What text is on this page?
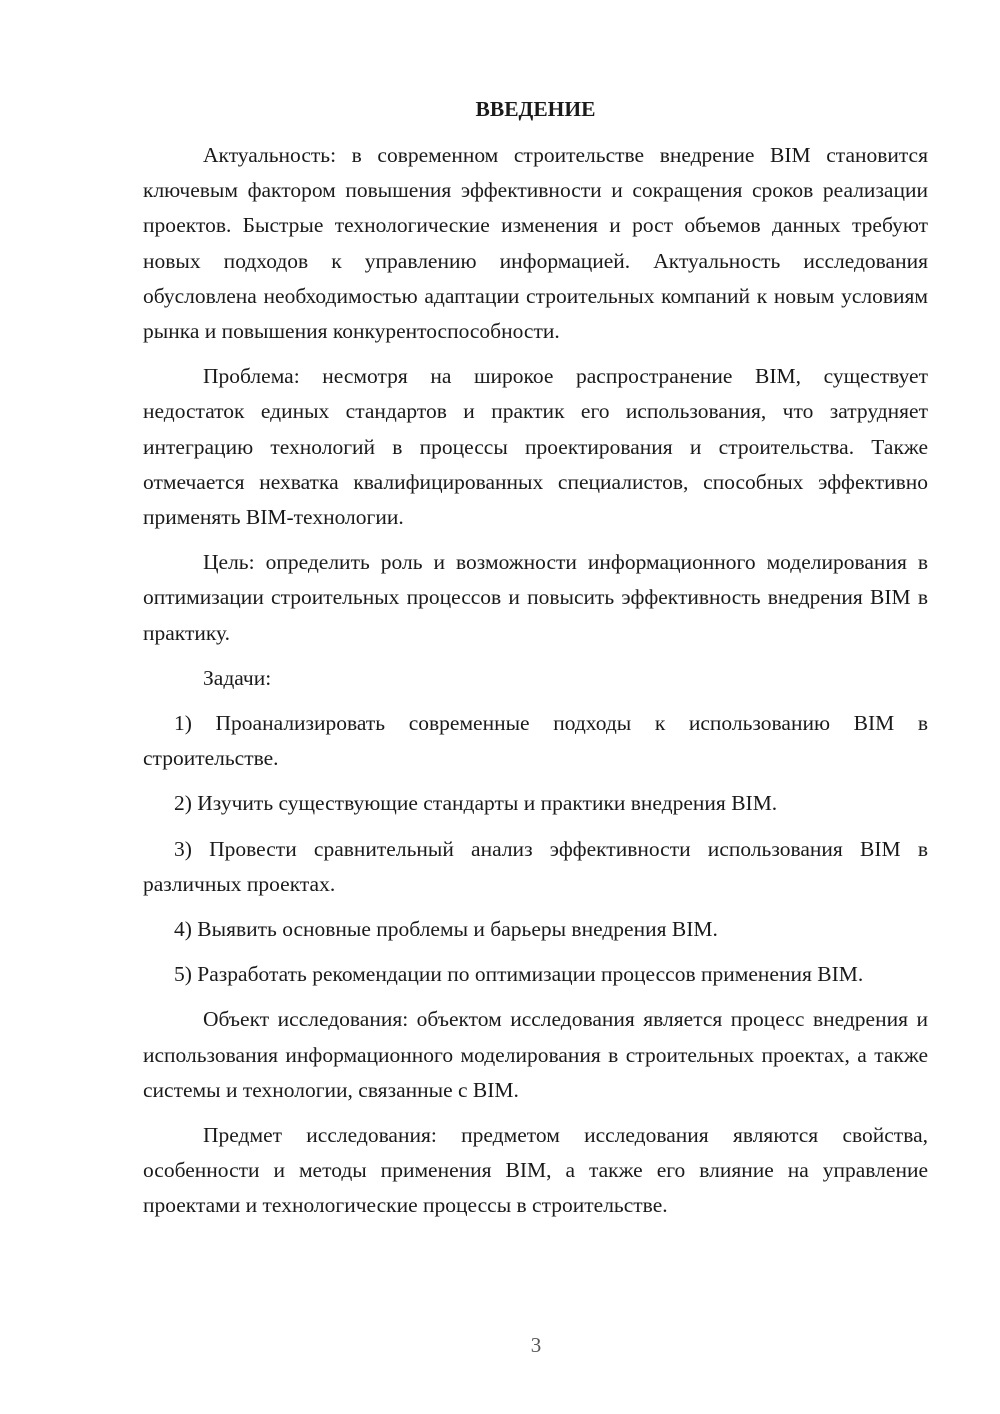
ВВЕДЕНИЕ

Актуальность: в современном строительстве внедрение BIM становится ключевым фактором повышения эффективности и сокращения сроков реализации проектов. Быстрые технологические изменения и рост объемов данных требуют новых подходов к управлению информацией. Актуальность исследования обусловлена необходимостью адаптации строительных компаний к новым условиям рынка и повышения конкурентоспособности.

Проблема: несмотря на широкое распространение BIM, существует недостаток единых стандартов и практик его использования, что затрудняет интеграцию технологий в процессы проектирования и строительства. Также отмечается нехватка квалифицированных специалистов, способных эффективно применять BIM-технологии.

Цель: определить роль и возможности информационного моделирования в оптимизации строительных процессов и повысить эффективность внедрения BIM в практику.

Задачи:

1) Проанализировать современные подходы к использованию BIM в строительстве.

2) Изучить существующие стандарты и практики внедрения BIM.

3) Провести сравнительный анализ эффективности использования BIM в различных проектах.

4) Выявить основные проблемы и барьеры внедрения BIM.

5) Разработать рекомендации по оптимизации процессов применения BIM.

Объект исследования: объектом исследования является процесс внедрения и использования информационного моделирования в строительных проектах, а также системы и технологии, связанные с BIM.

Предмет исследования: предметом исследования являются свойства, особенности и методы применения BIM, а также его влияние на управление проектами и технологические процессы в строительстве.

3
